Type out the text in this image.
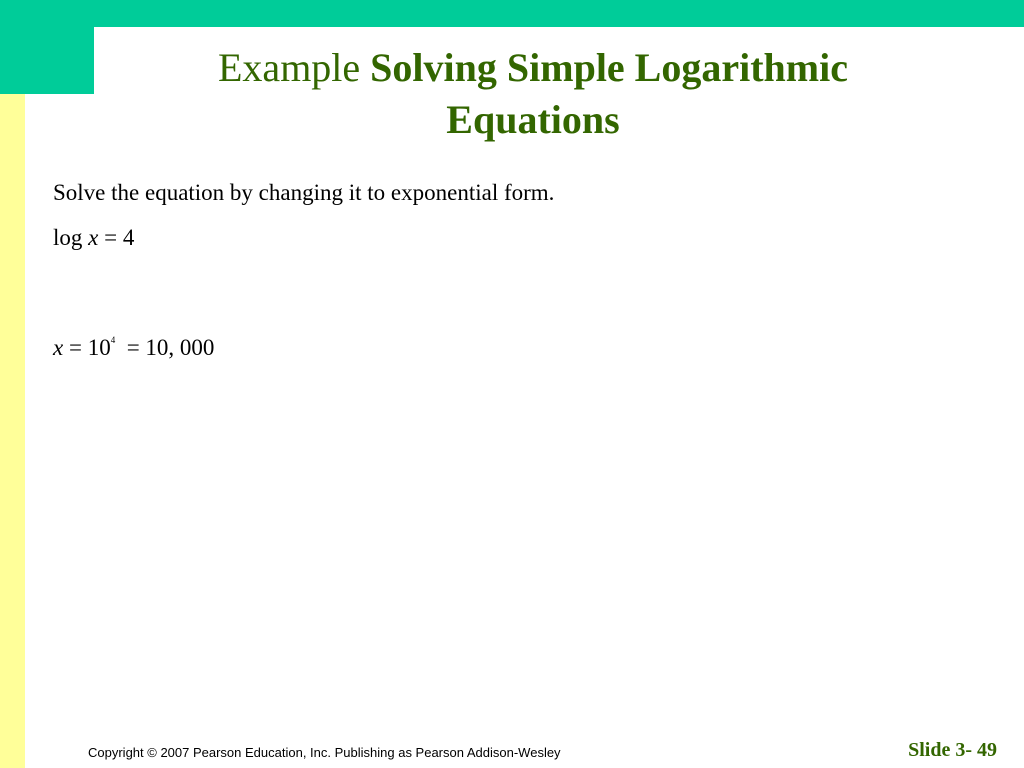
Example Solving Simple Logarithmic
Equations
Solve the equation by changing it to exponential form.
log x = 4
$x = 10^4 = 10$, 000
Copyright © 2007 Pearson Education, Inc. Publishing as Pearson Addison-Wesley	Slide 3- 49
